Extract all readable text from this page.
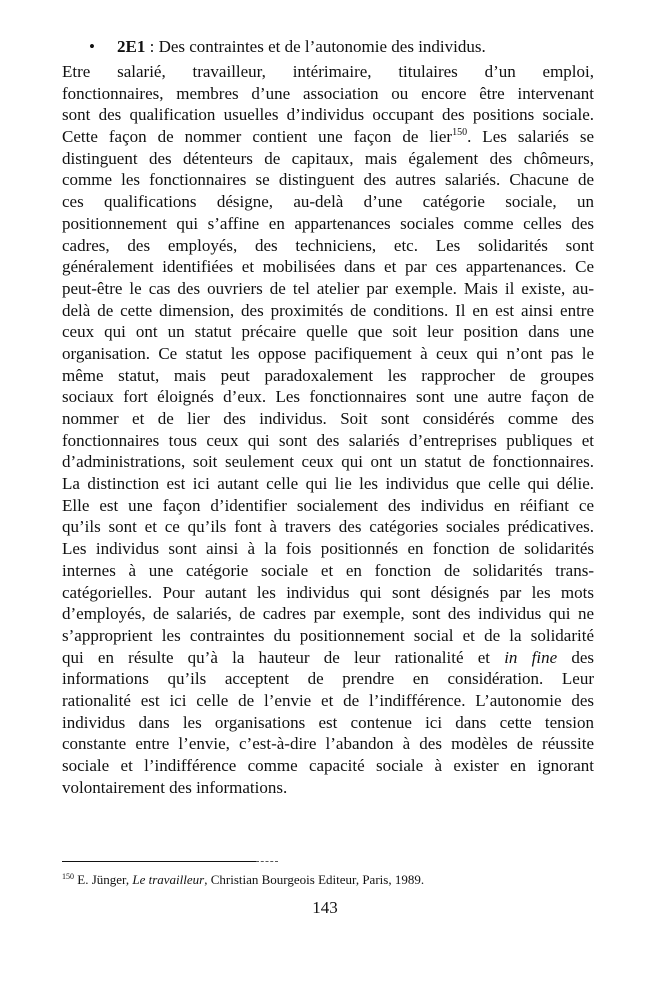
• 2E1 : Des contraintes et de l’autonomie des individus.
Etre salarié, travailleur, intérimaire, titulaires d’un emploi,
fonctionnaires, membres d’une association ou encore être intervenant
sont des qualification usuelles d’individus occupant des positions sociale.
Cette façon de nommer contient une façon de lier$^{150}$. Les salariés se
distinguent des détenteurs de capitaux, mais également des chômeurs,
comme les fonctionnaires se distinguent des autres salariés. Chacune de
ces qualifications désigne, au-delà d’une catégorie sociale, un
positionnement qui s’affine en appartenances sociales comme celles des
cadres, des employés, des techniciens, etc. Les solidarités sont
généralement identifiées et mobilisées dans et par ces appartenances. Ce
peut-être le cas des ouvriers de tel atelier par exemple. Mais il existe, au-
delà de cette dimension, des proximités de conditions. Il en est ainsi entre
ceux qui ont un statut précaire quelle que soit leur position dans une
organisation. Ce statut les oppose pacifiquement à ceux qui n’ont pas le
même statut, mais peut paradoxalement les rapprocher de groupes
sociaux fort éloignés d’eux. Les fonctionnaires sont une autre façon de
nommer et de lier des individus. Soit sont considérés comme des
fonctionnaires tous ceux qui sont des salariés d’entreprises publiques et
d’administrations, soit seulement ceux qui ont un statut de fonctionnaires.
La distinction est ici autant celle qui lie les individus que celle qui délie.
Elle est une façon d’identifier socialement des individus en réifiant ce
qu’ils sont et ce qu’ils font à travers des catégories sociales prédicatives.
Les individus sont ainsi à la fois positionnés en fonction de solidarités
internes à une catégorie sociale et en fonction de solidarités trans-
catégorielles. Pour autant les individus qui sont désignés par les mots
d’employés, de salariés, de cadres par exemple, sont des individus qui ne
s’approprient les contraintes du positionnement social et de la solidarité
qui en résulte qu’à la hauteur de leur rationalité et in fine des
informations qu’ils acceptent de prendre en considération. Leur
rationalité est ici celle de l’envie et de l’indifférence. L’autonomie des
individus dans les organisations est contenue ici dans cette tension
constante entre l’envie, c’est-à-dire l’abandon à des modèles de réussite
sociale et l’indifférence comme capacité sociale à exister en ignorant
volontairement des informations.
$^{150}$ E. Jünger, Le travailleur, Christian Bourgeois Editeur, Paris, 1989.
143
